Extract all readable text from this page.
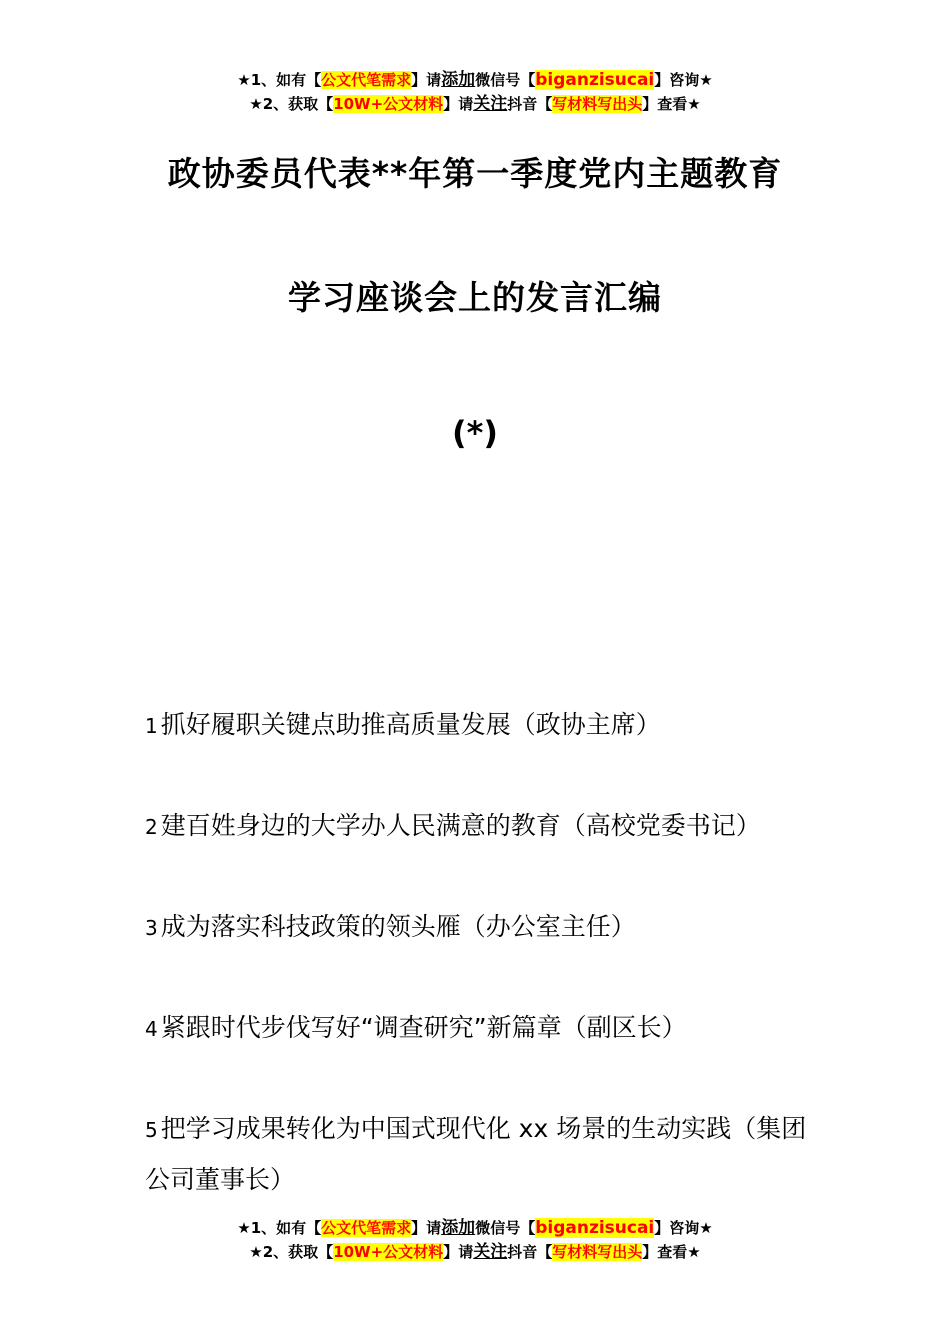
★1、如有【公文代笔需求】请添加微信号【biganzisucai】咨询★
★2、获取【10W+公文材料】请关注抖音【写材料写出头】查看★
政协委员代表**年第一季度党内主题教育
学习座谈会上的发言汇编
(*)
1 抓好履职关键点助推高质量发展（政协主席）
2 建百姓身边的大学办人民满意的教育（高校党委书记）
3 成为落实科技政策的领头雁（办公室主任）
4 紧跟时代步伐写好“调查研究”新篇章（副区长）
5 把学习成果转化为中国式现代化 xx 场景的生动实践（集团公司董事长）
★1、如有【公文代笔需求】请添加微信号【biganzisucai】咨询★
★2、获取【10W+公文材料】请关注抖音【写材料写出头】查看★
